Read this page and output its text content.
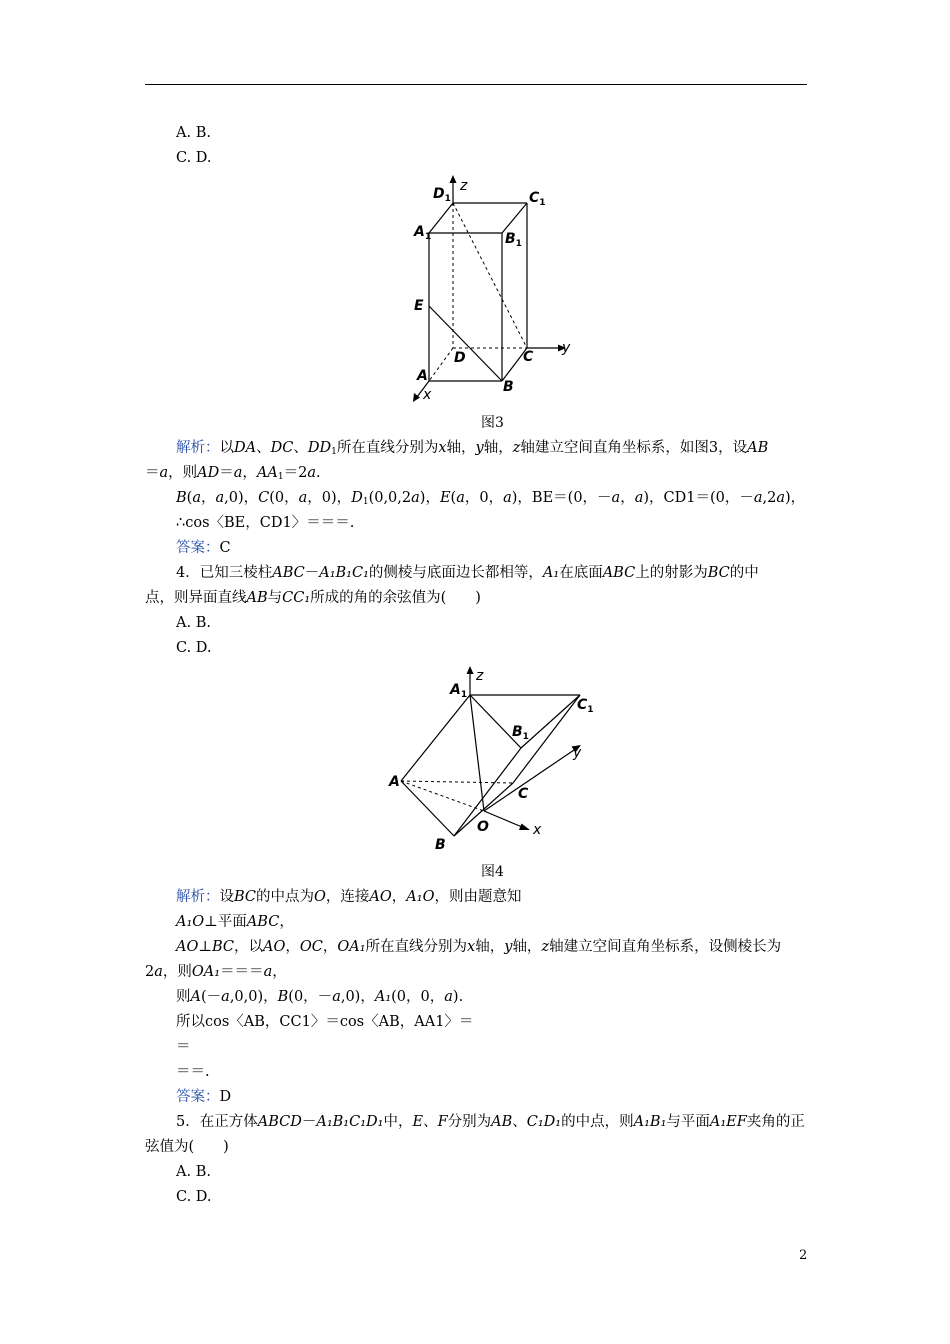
A. B.
C. D.
$D_1$	$C_1$
$A_1$	$B_1$
E
D	C
A
B
z
y
x
图3
解析：以DA、DC、$DD_1$所在直线分别为x轴，y轴，z轴建立空间直角坐标系，如图3，设AB
＝a，则AD＝a，$AA_1=2a$.
B(a，a,0)，C(0，a，0)，$D_1(0,0,2a)$，E(a，0，a)，BE＝(0，－a，a)，CD1＝(0，－a,2a)，
∴cos〈BE，CD1〉＝＝＝.
答案：C
4．已知三棱柱ABC－A₁B₁C₁的侧棱与底面边长都相等，A₁在底面ABC上的射影为BC的中
点，则异面直线AB与CC₁所成的角的余弦值为(　　)
A. B.
C. D.
$A_1$
$C_1$
$B_1$
A
C
O
B
z
y
x
图4
解析：设BC的中点为O，连接AO，A₁O，则由题意知
A₁O⊥平面ABC，
AO⊥BC，以AO，OC，OA₁所在直线分别为x轴，y轴，z轴建立空间直角坐标系，设侧棱长为
2a，则OA₁＝＝＝a，
则A(－a,0,0)，B(0，－a,0)，A₁(0，0，a).
所以cos〈AB，CC1〉＝cos〈AB，AA1〉＝
＝
＝＝.
答案：D
5．在正方体ABCD－A₁B₁C₁D₁中，E、F分别为AB、C₁D₁的中点，则A₁B₁与平面A₁EF夹角的正
弦值为(　　)
A. B.
C. D.
2
